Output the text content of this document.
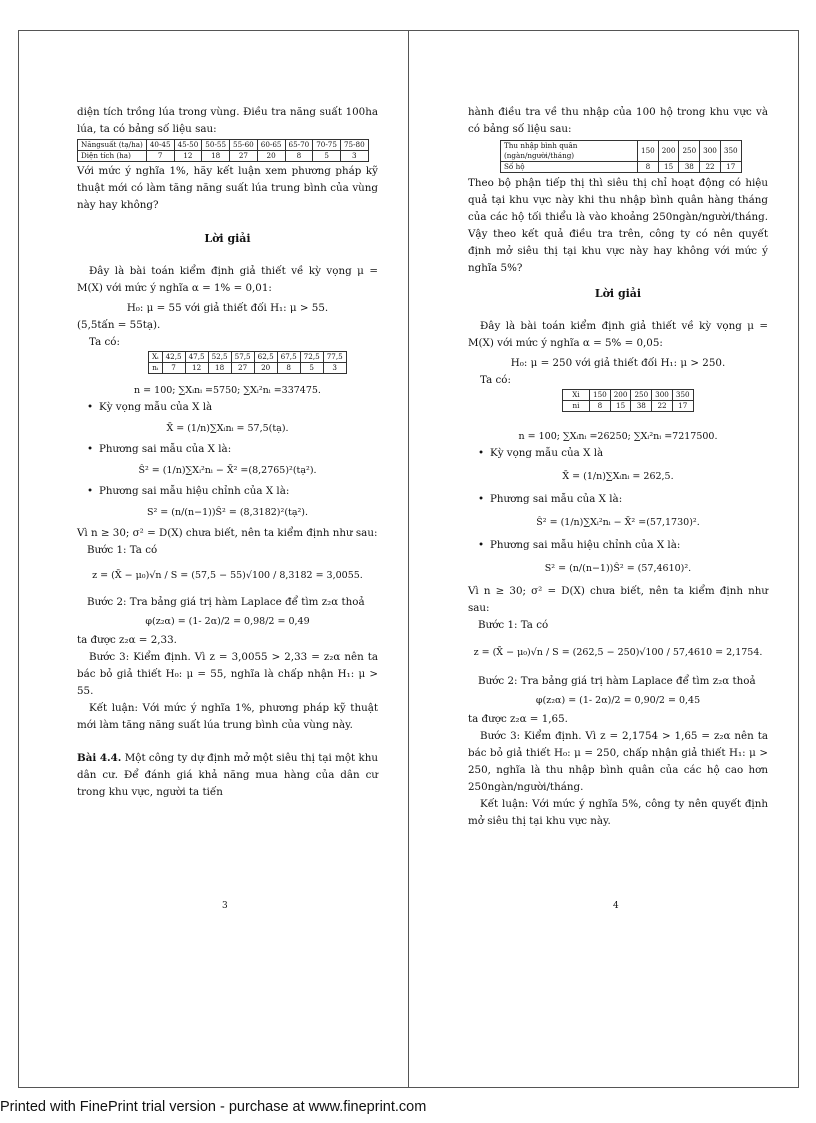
diện tích trồng lúa trong vùng. Điều tra năng suất 100ha lúa, ta có bảng số liệu sau:

Năngsuất (tạ/ha)	40-45	45-50	50-55	55-60	60-65	65-70	70-75	75-80
Diện tích (ha)	7	12	18	27	20	8	5	3

Với mức ý nghĩa 1%, hãy kết luận xem phương pháp kỹ thuật mới có làm tăng năng suất lúa trung bình của vùng này hay không?

Lời giải

Đây là bài toán kiểm định giả thiết về kỳ vọng μ = M(X) với mức ý nghĩa α = 1% = 0,01:

H₀: μ = 55 với giả thiết đối H₁: μ > 55.

(5,5tấn = 55tạ).

Ta có:

Xᵢ	42,5	47,5	52,5	57,5	62,5	67,5	72,5	77,5
nᵢ	7	12	18	27	20	8	5	3

n = 100; ∑Xᵢnᵢ =5750; ∑Xᵢ²nᵢ =337475.

• Kỳ vọng mẫu của X là

X̄ = (1/n)∑Xᵢnᵢ = 57,5(tạ).

• Phương sai mẫu của X là:

Ŝ² = (1/n)∑Xᵢ²nᵢ − X̄² =(8,2765)²(tạ²).

• Phương sai mẫu hiệu chỉnh của X là:

S² = (n/(n−1))Ŝ² = (8,3182)²(tạ²).

Vì n ≥ 30; σ² = D(X) chưa biết, nên ta kiểm định như sau:

Bước 1: Ta có

z = (X̄ − μ₀)√n / S = (57,5 − 55)√100 / 8,3182 = 3,0055.

Bước 2: Tra bảng giá trị hàm Laplace để tìm z₂α thoả

φ(z₂α) = (1- 2α)/2 = 0,98/2 = 0,49

ta được z₂α = 2,33.

Bước 3: Kiểm định. Vì z = 3,0055 > 2,33 = z₂α nên ta bác bỏ giả thiết H₀: μ = 55, nghĩa là chấp nhận H₁: μ > 55.

Kết luận: Với mức ý nghĩa 1%, phương pháp kỹ thuật mới làm tăng năng suất lúa trung bình của vùng này.

Bài 4.4. Một công ty dự định mở một siêu thị tại một khu dân cư. Để đánh giá khả năng mua hàng của dân cư trong khu vực, người ta tiến

3

hành điều tra về thu nhập của 100 hộ trong khu vực và có bảng số liệu sau:

Thu nhập bình quân (ngàn/người/tháng)	150	200	250	300	350
Số hộ	8	15	38	22	17

Theo bộ phận tiếp thị thì siêu thị chỉ hoạt động có hiệu quả tại khu vực này khi thu nhập bình quân hàng tháng của các hộ tối thiểu là vào khoảng 250ngàn/người/tháng. Vậy theo kết quả điều tra trên, công ty có nên quyết định mở siêu thị tại khu vực này hay không với mức ý nghĩa 5%?

Lời giải

Đây là bài toán kiểm định giả thiết về kỳ vọng μ = M(X) với mức ý nghĩa α = 5% = 0,05:

H₀: μ = 250 với giả thiết đối H₁: μ > 250.

Ta có:

Xi	150	200	250	300	350
ni	8	15	38	22	17

n = 100; ∑Xᵢnᵢ =26250; ∑Xᵢ²nᵢ =7217500.

• Kỳ vọng mẫu của X là

X̄ = (1/n)∑Xᵢnᵢ = 262,5.

• Phương sai mẫu của X là:

Ŝ² = (1/n)∑Xᵢ²nᵢ − X̄² =(57,1730)².

• Phương sai mẫu hiệu chỉnh của X là:

S² = (n/(n−1))Ŝ² = (57,4610)².

Vì n ≥ 30; σ² = D(X) chưa biết, nên ta kiểm định như sau:

Bước 1: Ta có

z = (X̄ − μ₀)√n / S = (262,5 − 250)√100 / 57,4610 = 2,1754.

Bước 2: Tra bảng giá trị hàm Laplace để tìm z₂α thoả

φ(z₂α) = (1- 2α)/2 = 0,90/2 = 0,45

ta được z₂α = 1,65.

Bước 3: Kiểm định. Vì z = 2,1754 > 1,65 = z₂α nên ta bác bỏ giả thiết H₀: μ = 250, chấp nhận giả thiết H₁: μ > 250, nghĩa là thu nhập bình quân của các hộ cao hơn 250ngàn/người/tháng.

Kết luận: Với mức ý nghĩa 5%, công ty nên quyết định mở siêu thị tại khu vực này.

4
Printed with FinePrint trial version - purchase at www.fineprint.com
